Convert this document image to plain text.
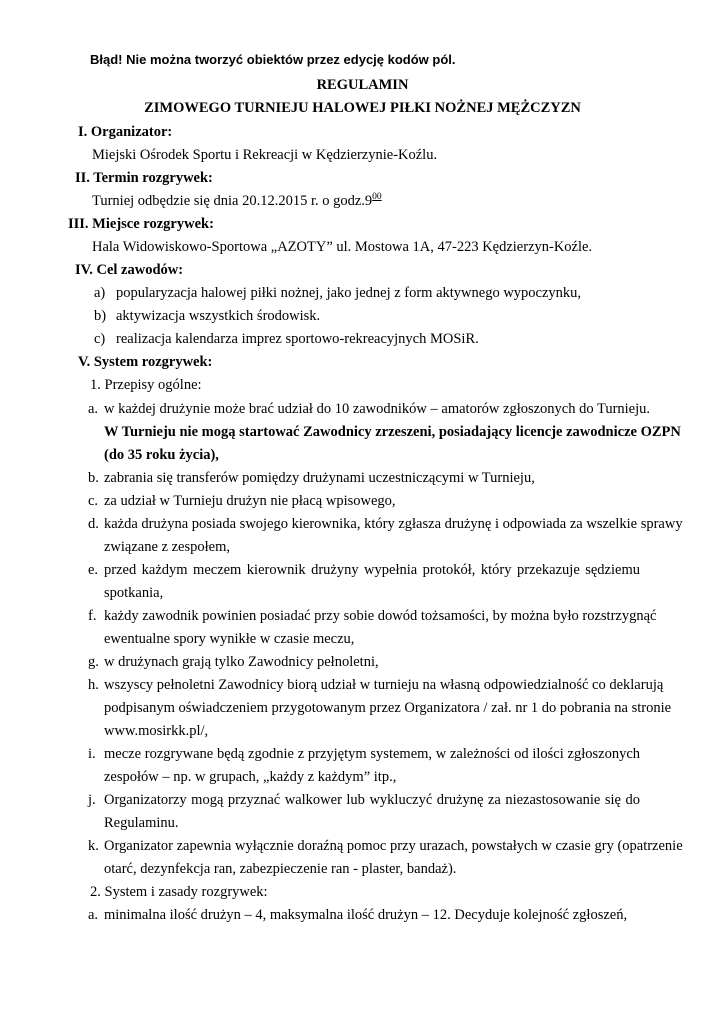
Błąd! Nie można tworzyć obiektów przez edycję kodów pól.
REGULAMIN
ZIMOWEGO TURNIEJU HALOWEJ PIŁKI NOŻNEJ MĘŻCZYZN
I. Organizator:
Miejski Ośrodek Sportu i Rekreacji w Kędzierzynie-Koźlu.
II. Termin rozgrywek:
Turniej odbędzie się dnia 20.12.2015 r. o $godz.9^{00}$
III. Miejsce rozgrywek:
Hala Widowiskowo-Sportowa „AZOTY” ul. Mostowa 1A, 47-223 Kędzierzyn-Koźle.
IV. Cel zawodów:
a) popularyzacja halowej piłki nożnej, jako jednej z form aktywnego wypoczynku,
b) aktywizacja wszystkich środowisk.
c) realizacja kalendarza imprez sportowo-rekreacyjnych MOSiR.
V. System rozgrywek:
1. Przepisy ogólne:
a. w każdej drużynie może brać udział do 10 zawodników – amatorów zgłoszonych do Turnieju.
W Turnieju nie mogą startować Zawodnicy zrzeszeni, posiadający licencje zawodnicze OZPN
(do 35 roku życia),
b. zabrania się transferów pomiędzy drużynami uczestniczącymi w Turnieju,
c. za udział w Turnieju drużyn nie płacą wpisowego,
d. każda drużyna posiada swojego kierownika, który zgłasza drużynę i odpowiada za wszelkie sprawy
związane z zespołem,
e. przed każdym meczem kierownik drużyny wypełnia protokół, który przekazuje sędziemu
spotkania,
f. każdy zawodnik powinien posiadać przy sobie dowód tożsamości, by można było rozstrzygnąć
ewentualne spory wynikłe w czasie meczu,
g. w drużynach grają tylko Zawodnicy pełnoletni,
h. wszyscy pełnoletni Zawodnicy biorą udział w turnieju na własną odpowiedzialność co deklarują
podpisanym oświadczeniem przygotowanym przez Organizatora / zał. nr 1 do pobrania na stronie
www.mosirkk.pl/,
i. mecze rozgrywane będą zgodnie z przyjętym systemem, w zależności od ilości zgłoszonych
zespołów – np. w grupach, „każdy z każdym” itp.,
j. Organizatorzy mogą przyznać walkower lub wykluczyć drużynę za niezastosowanie się do
Regulaminu.
k. Organizator zapewnia wyłącznie doraźną pomoc przy urazach, powstałych w czasie gry (opatrzenie
otarć, dezynfekcja ran, zabezpieczenie ran - plaster, bandaż).
2. System i zasady rozgrywek:
a. minimalna ilość drużyn – 4, maksymalna ilość drużyn – 12. Decyduje kolejność zgłoszeń,
